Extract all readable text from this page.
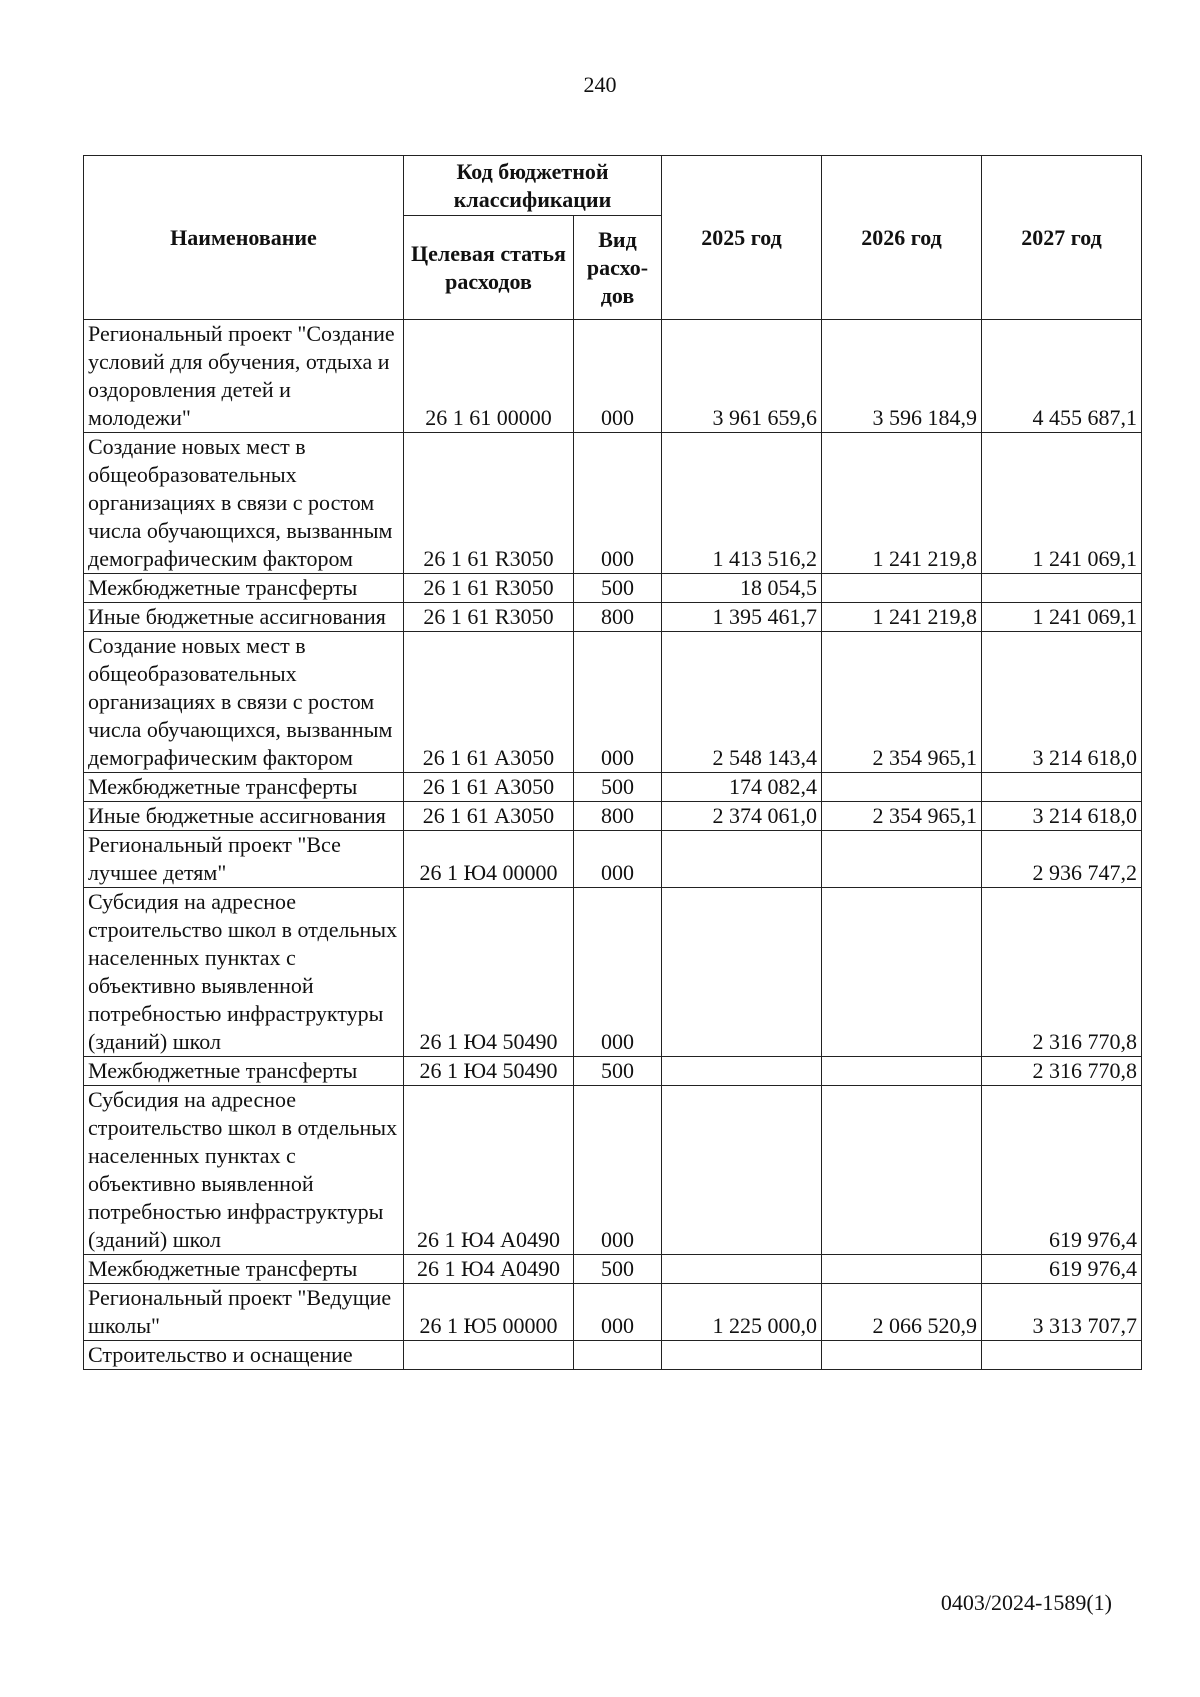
240
Наименование	Код бюджетной классификации		2025 год	2026 год	2027 год
	Целевая статья расходов	Вид расхо-дов			
Региональный проект "Создание условий для обучения, отдыха и оздоровления детей и молодежи"	26 1 61 00000	000	3 961 659,6	3 596 184,9	4 455 687,1
Создание новых мест в общеобразовательных организациях в связи с ростом числа обучающихся, вызванным демографическим фактором	26 1 61 R3050	000	1 413 516,2	1 241 219,8	1 241 069,1
Межбюджетные трансферты	26 1 61 R3050	500	18 054,5		
Иные бюджетные ассигнования	26 1 61 R3050	800	1 395 461,7	1 241 219,8	1 241 069,1
Создание новых мест в общеобразовательных организациях в связи с ростом числа обучающихся, вызванным демографическим фактором	26 1 61 А3050	000	2 548 143,4	2 354 965,1	3 214 618,0
Межбюджетные трансферты	26 1 61 А3050	500	174 082,4		
Иные бюджетные ассигнования	26 1 61 А3050	800	2 374 061,0	2 354 965,1	3 214 618,0
Региональный проект "Все лучшее детям"	26 1 Ю4 00000	000			2 936 747,2
Субсидия на адресное строительство школ в отдельных населенных пунктах с объективно выявленной потребностью инфраструктуры (зданий) школ	26 1 Ю4 50490	000			2 316 770,8
Межбюджетные трансферты	26 1 Ю4 50490	500			2 316 770,8
Субсидия на адресное строительство школ в отдельных населенных пунктах с объективно выявленной потребностью инфраструктуры (зданий) школ	26 1 Ю4 А0490	000			619 976,4
Межбюджетные трансферты	26 1 Ю4 А0490	500			619 976,4
Региональный проект "Ведущие школы"	26 1 Ю5 00000	000	1 225 000,0	2 066 520,9	3 313 707,7
Строительство и оснащение					
0403/2024-1589(1)
